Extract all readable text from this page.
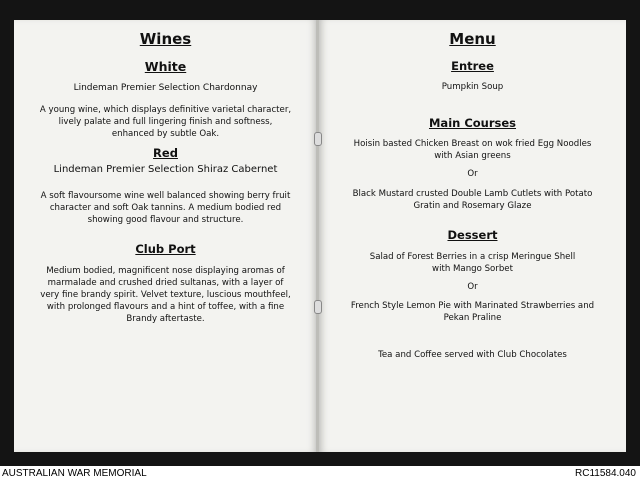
Wines
White
Lindeman Premier Selection Chardonnay
A young wine, which displays definitive varietal character,
lively palate and full lingering finish and softness,
enhanced by subtle Oak.
Red
Lindeman Premier Selection Shiraz Cabernet
A soft flavoursome wine well balanced showing berry fruit
character and soft Oak tannins. A medium bodied red
showing good flavour and structure.
Club Port
Medium bodied, magnificent nose displaying aromas of
marmalade and crushed dried sultanas, with a layer of
very fine brandy spirit. Velvet texture, luscious mouthfeel,
with prolonged flavours and a hint of toffee, with a fine
Brandy aftertaste.
Menu
Entree
Pumpkin Soup
Main Courses
Hoisin basted Chicken Breast on wok fried Egg Noodles
with Asian greens
Or
Black Mustard crusted Double Lamb Cutlets with Potato
Gratin and Rosemary Glaze
Dessert
Salad of Forest Berries in a crisp Meringue Shell
with Mango Sorbet
Or
French Style Lemon Pie with Marinated Strawberries and
Pekan Praline
Tea and Coffee served with Club Chocolates
AUSTRALIAN WAR MEMORIAL	RC11584.040
